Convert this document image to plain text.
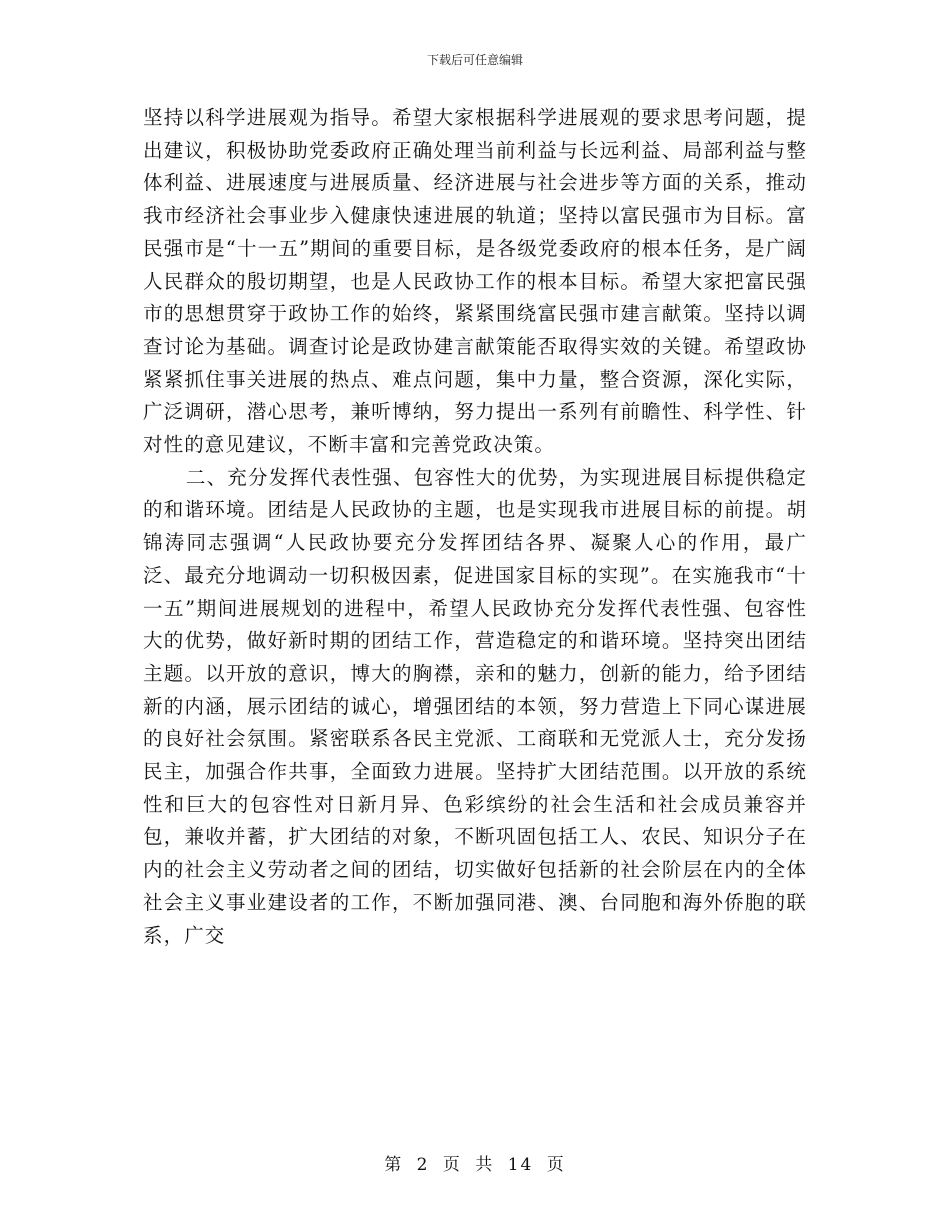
下载后可任意编辑

坚持以科学进展观为指导。希望大家根据科学进展观的要求思考问题，提出建议，积极协助党委政府正确处理当前利益与长远利益、局部利益与整体利益、进展速度与进展质量、经济进展与社会进步等方面的关系，推动我市经济社会事业步入健康快速进展的轨道；坚持以富民强市为目标。富民强市是“十一五”期间的重要目标，是各级党委政府的根本任务，是广阔人民群众的殷切期望，也是人民政协工作的根本目标。希望大家把富民强市的思想贯穿于政协工作的始终，紧紧围绕富民强市建言献策。坚持以调查讨论为基础。调查讨论是政协建言献策能否取得实效的关键。希望政协紧紧抓住事关进展的热点、难点问题，集中力量，整合资源，深化实际，广泛调研，潜心思考，兼听博纳，努力提出一系列有前瞻性、科学性、针对性的意见建议，不断丰富和完善党政决策。

二、充分发挥代表性强、包容性大的优势，为实现进展目标提供稳定的和谐环境。团结是人民政协的主题，也是实现我市进展目标的前提。胡锦涛同志强调“人民政协要充分发挥团结各界、凝聚人心的作用，最广泛、最充分地调动一切积极因素，促进国家目标的实现”。在实施我市“十一五”期间进展规划的进程中，希望人民政协充分发挥代表性强、包容性大的优势，做好新时期的团结工作，营造稳定的和谐环境。坚持突出团结主题。以开放的意识，博大的胸襟，亲和的魅力，创新的能力，给予团结新的内涵，展示团结的诚心，增强团结的本领，努力营造上下同心谋进展的良好社会氛围。紧密联系各民主党派、工商联和无党派人士，充分发扬民主，加强合作共事，全面致力进展。坚持扩大团结范围。以开放的系统性和巨大的包容性对日新月异、色彩缤纷的社会生活和社会成员兼容并包，兼收并蓄，扩大团结的对象，不断巩固包括工人、农民、知识分子在内的社会主义劳动者之间的团结，切实做好包括新的社会阶层在内的全体社会主义事业建设者的工作，不断加强同港、澳、台同胞和海外侨胞的联系，广交

第 2 页 共 14 页
